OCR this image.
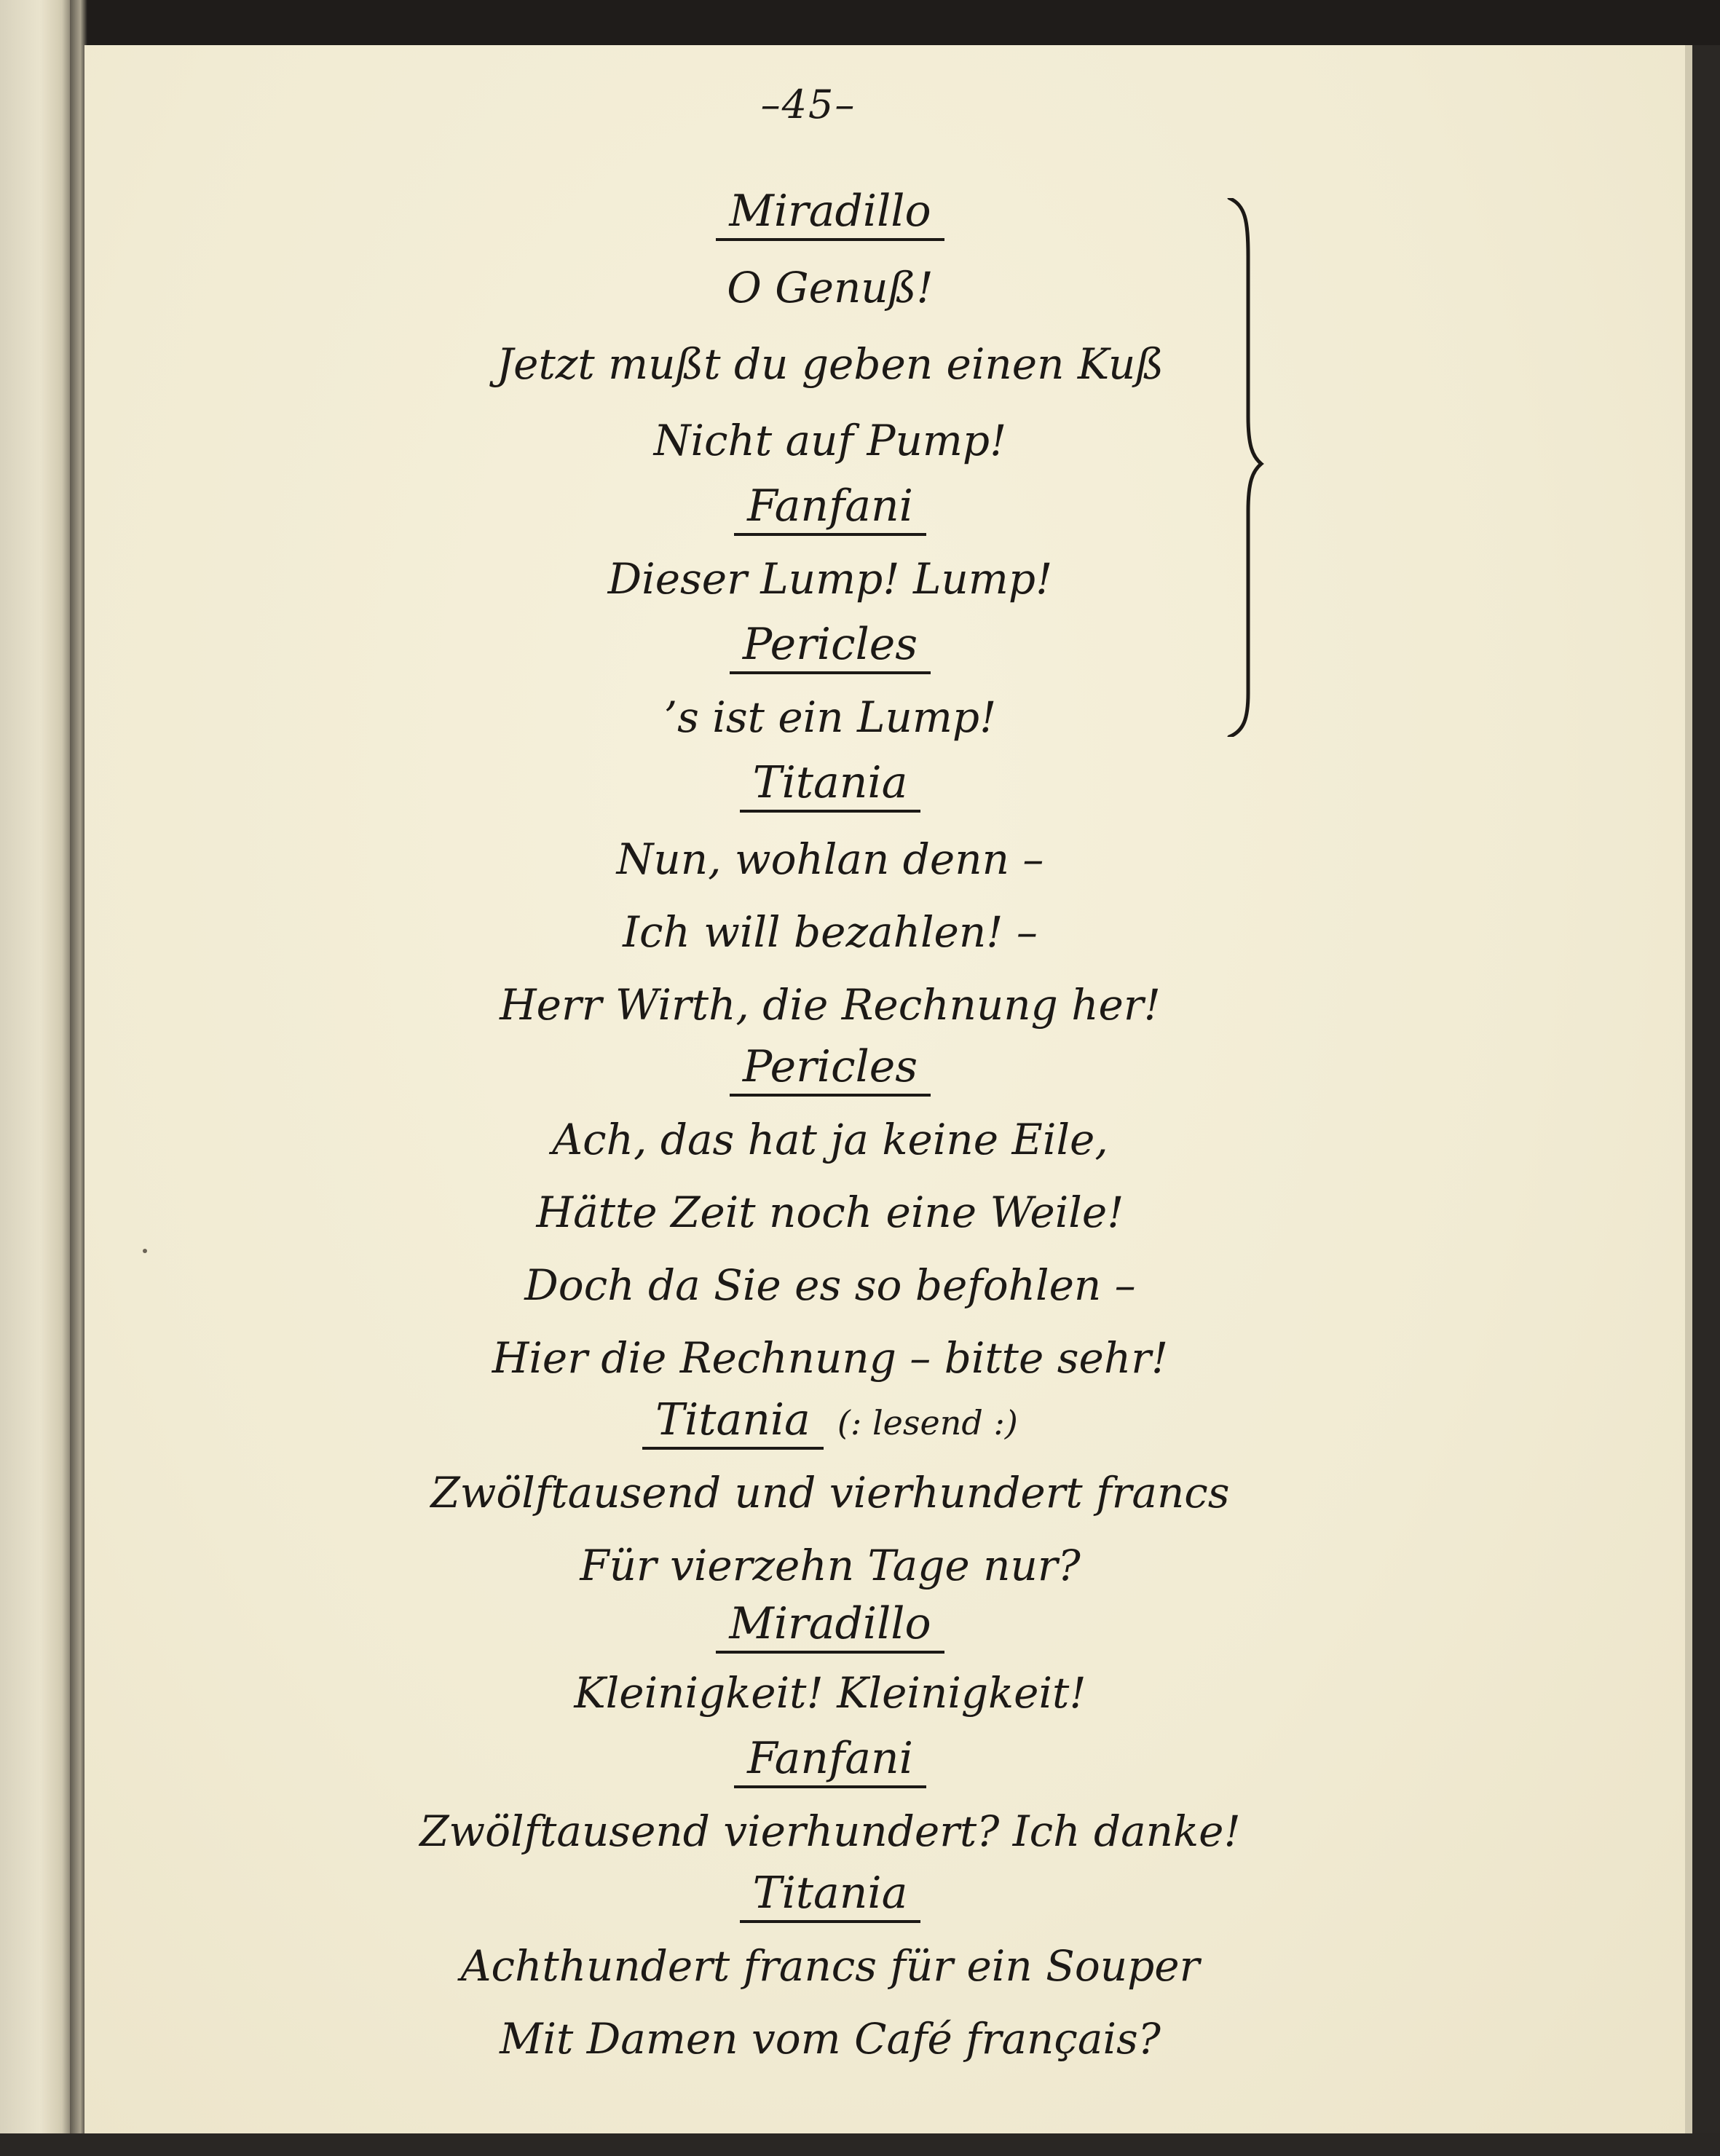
–45–
Miradillo
O Genuß!
Jetzt mußt du geben einen Kuß
Nicht auf Pump!
Fanfani
Dieser Lump! Lump!
Pericles
’s ist ein Lump!
Titania
Nun, wohlan denn –
Ich will bezahlen! –
Herr Wirth, die Rechnung her!
Pericles
Ach, das hat ja keine Eile,
Hätte Zeit noch eine Weile!
Doch da Sie es so befohlen –
Hier die Rechnung – bitte sehr!
Titania (: lesend :)
Zwölftausend und vierhundert francs
Für vierzehn Tage nur?
Miradillo
Kleinigkeit! Kleinigkeit!
Fanfani
Zwölftausend vierhundert? Ich danke!
Titania
Achthundert francs für ein Souper
Mit Damen vom Café français?
